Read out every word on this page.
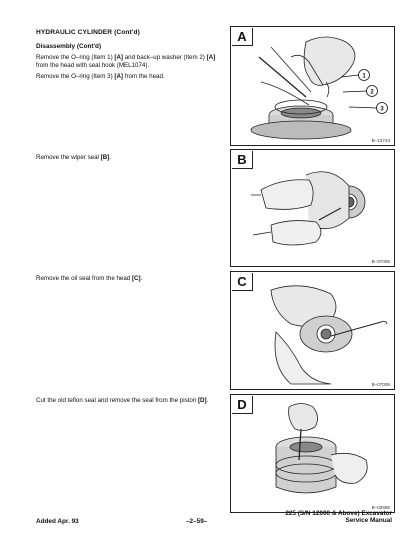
HYDRAULIC CYLINDER (Cont'd)
Disassembly (Cont'd)
Remove the O–ring (Item 1) [A] and back–up washer (Item 2) [A] from the head with seal hook (MEL1074).
Remove the O–ring (Item 3) [A] from the head.
Remove the wiper seal [B].
Remove the oil seal from the head [C].
Cut the old teflon seal and remove the seal from the piston [D].
1
2
3
A
B–13743
B
B–07005
C
B–07006
D
B–03689
Added Apr. 93	–2–59–
225 (S/N 12000 & Above) Excavator
Service Manual
